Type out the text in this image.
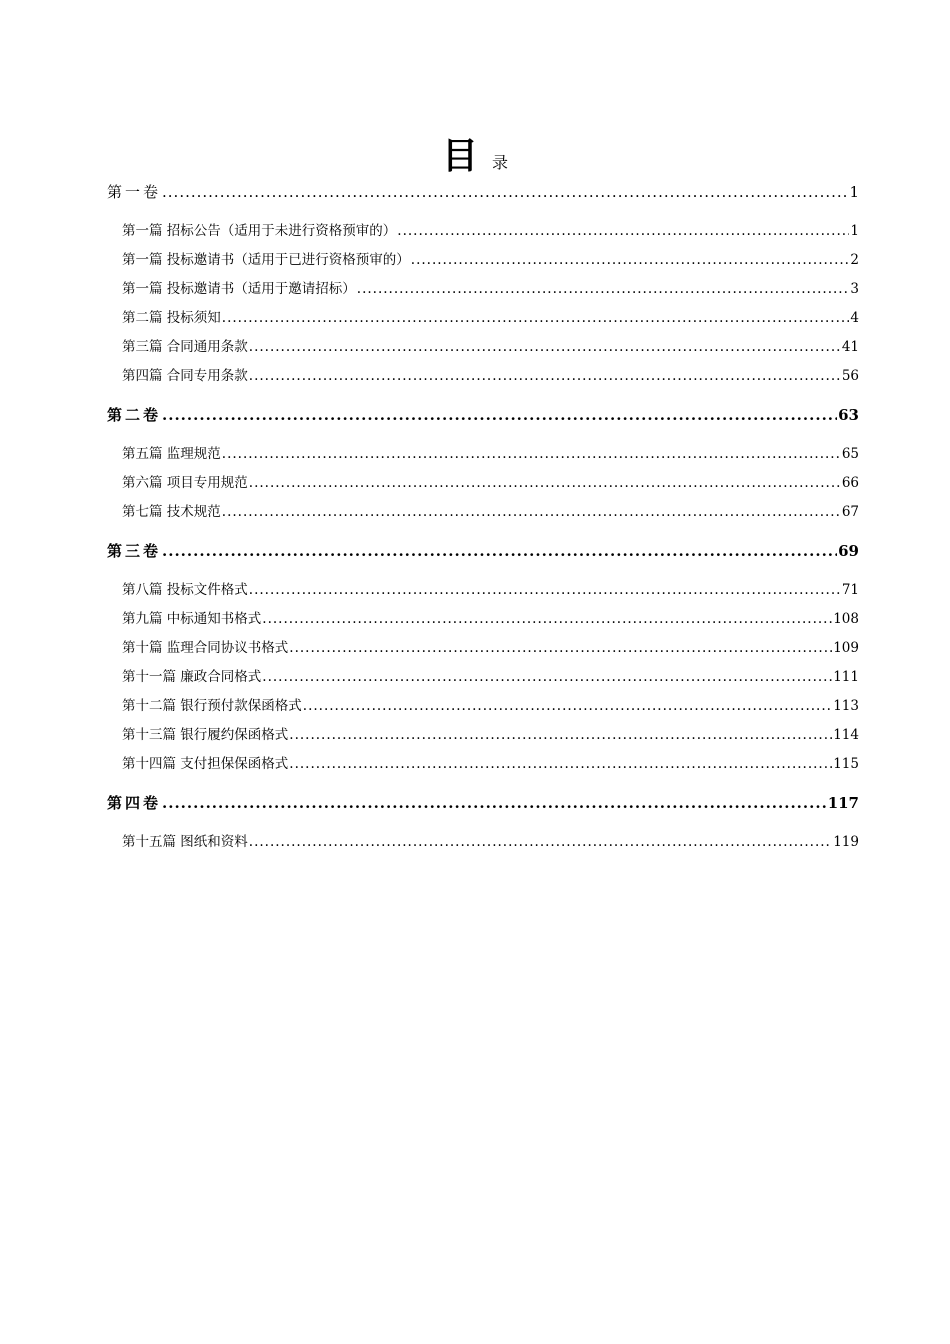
目录
第一卷 .....	1
第一篇 招标公告（适用于未进行资格预审的） .....	1
第一篇 投标邀请书（适用于已进行资格预审的） .....	2
第一篇 投标邀请书（适用于邀请招标） .....	3
第二篇 投标须知 .....	4
第三篇 合同通用条款 .....	41
第四篇 合同专用条款 .....	56
第二卷 .....	63
第五篇 监理规范 .....	65
第六篇 项目专用规范 .....	66
第七篇 技术规范 .....	67
第三卷 .....	69
第八篇 投标文件格式 .....	71
第九篇 中标通知书格式 .....	108
第十篇 监理合同协议书格式 .....	109
第十一篇 廉政合同格式 .....	111
第十二篇 银行预付款保函格式 .....	113
第十三篇 银行履约保函格式 .....	114
第十四篇 支付担保保函格式 .....	115
第四卷 .....	117
第十五篇 图纸和资料 .....	119
